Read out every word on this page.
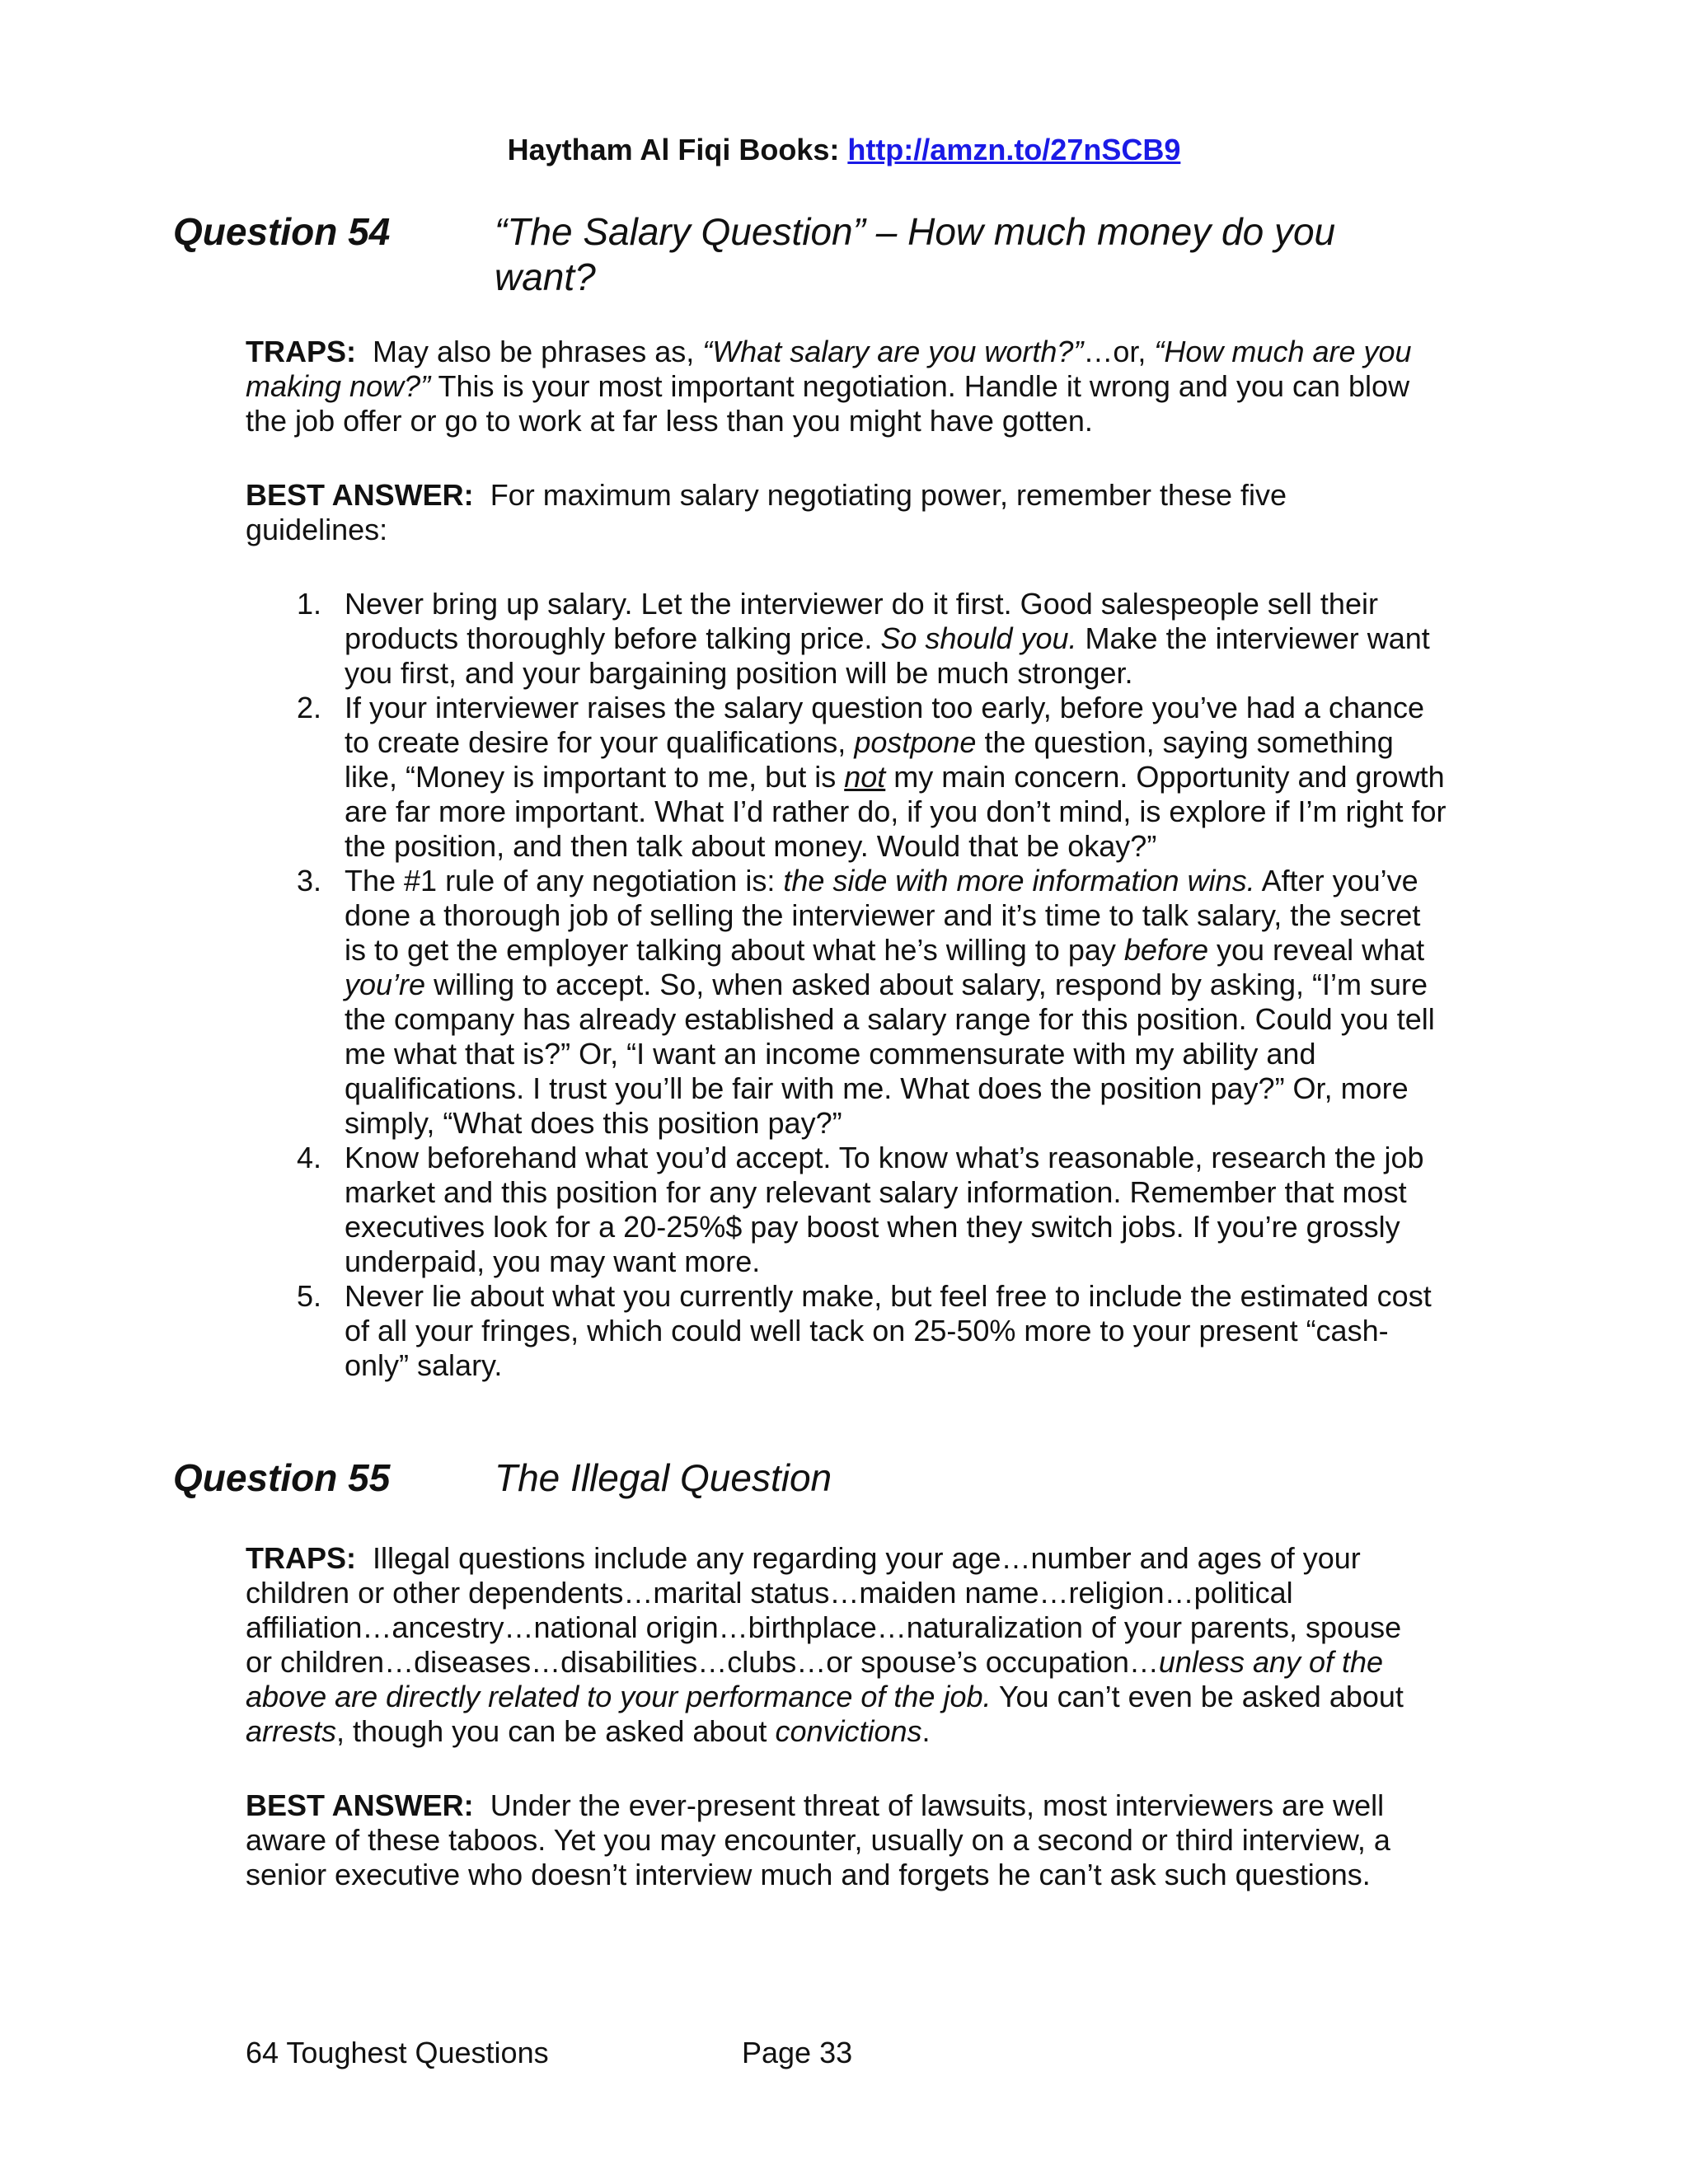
Haytham Al Fiqi Books: http://amzn.to/27nSCB9
Question 54	“The Salary Question” – How much money do you want?
TRAPS: May also be phrases as, “What salary are you worth?”…or, “How much are you making now?” This is your most important negotiation. Handle it wrong and you can blow the job offer or go to work at far less than you might have gotten.
BEST ANSWER: For maximum salary negotiating power, remember these five guidelines:
1. Never bring up salary. Let the interviewer do it first. Good salespeople sell their products thoroughly before talking price. So should you. Make the interviewer want you first, and your bargaining position will be much stronger.
2. If your interviewer raises the salary question too early, before you’ve had a chance to create desire for your qualifications, postpone the question, saying something like, “Money is important to me, but is not my main concern. Opportunity and growth are far more important. What I’d rather do, if you don’t mind, is explore if I’m right for the position, and then talk about money. Would that be okay?”
3. The #1 rule of any negotiation is: the side with more information wins. After you’ve done a thorough job of selling the interviewer and it’s time to talk salary, the secret is to get the employer talking about what he’s willing to pay before you reveal what you’re willing to accept. So, when asked about salary, respond by asking, “I’m sure the company has already established a salary range for this position. Could you tell me what that is?” Or, “I want an income commensurate with my ability and qualifications. I trust you’ll be fair with me. What does the position pay?” Or, more simply, “What does this position pay?”
4. Know beforehand what you’d accept. To know what’s reasonable, research the job market and this position for any relevant salary information. Remember that most executives look for a 20-25%$ pay boost when they switch jobs. If you’re grossly underpaid, you may want more.
5. Never lie about what you currently make, but feel free to include the estimated cost of all your fringes, which could well tack on 25-50% more to your present “cash-only” salary.
Question 55	The Illegal Question
TRAPS: Illegal questions include any regarding your age…number and ages of your children or other dependents…marital status…maiden name…religion…political affiliation…ancestry…national origin…birthplace…naturalization of your parents, spouse or children…diseases…disabilities…clubs…or spouse’s occupation…unless any of the above are directly related to your performance of the job. You can’t even be asked about arrests, though you can be asked about convictions.
BEST ANSWER: Under the ever-present threat of lawsuits, most interviewers are well aware of these taboos. Yet you may encounter, usually on a second or third interview, a senior executive who doesn’t interview much and forgets he can’t ask such questions.
64 Toughest Questions	Page 33
